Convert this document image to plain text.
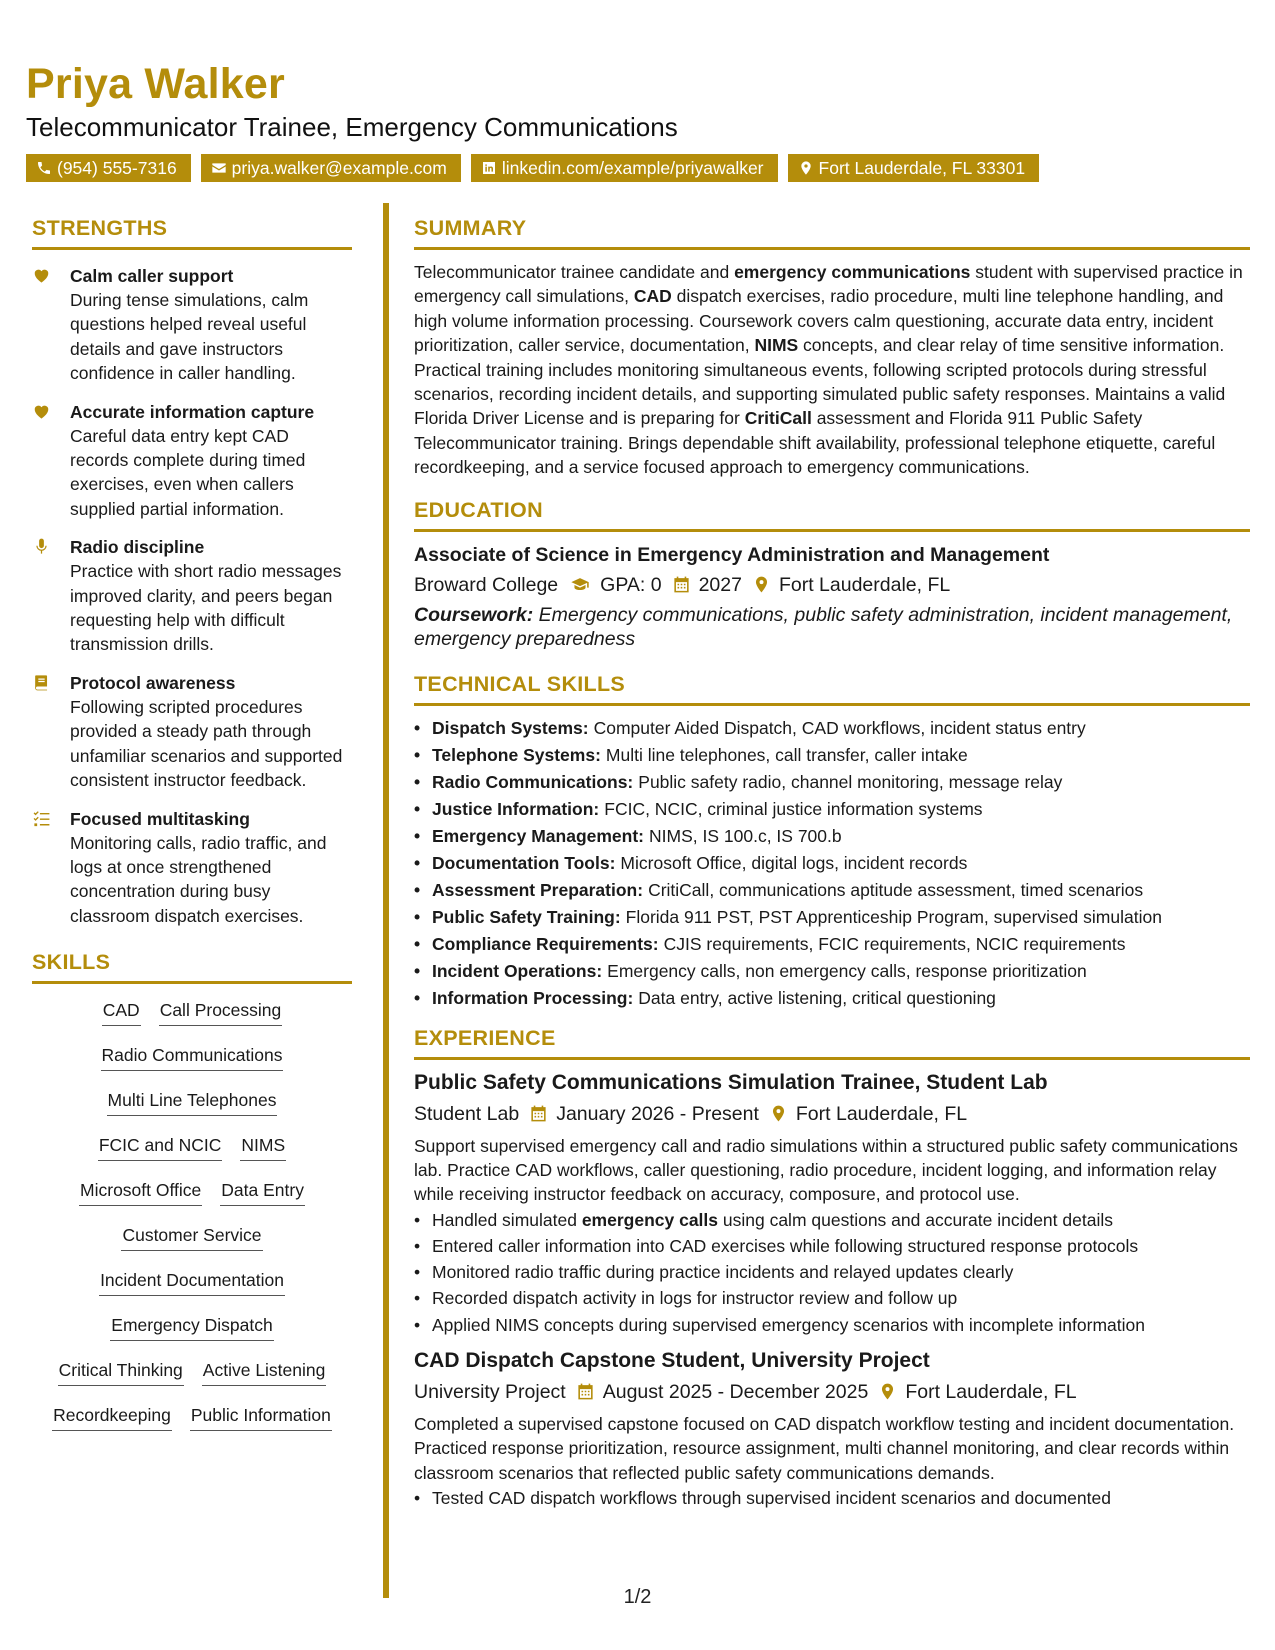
Priya Walker
Telecommunicator Trainee, Emergency Communications
(954) 555-7316	priya.walker@example.com	linkedin.com/example/priyawalker	Fort Lauderdale, FL 33301
STRENGTHS
Calm caller support
During tense simulations, calm questions helped reveal useful details and gave instructors confidence in caller handling.
Accurate information capture
Careful data entry kept CAD records complete during timed exercises, even when callers supplied partial information.
Radio discipline
Practice with short radio messages improved clarity, and peers began requesting help with difficult transmission drills.
Protocol awareness
Following scripted procedures provided a steady path through unfamiliar scenarios and supported consistent instructor feedback.
Focused multitasking
Monitoring calls, radio traffic, and logs at once strengthened concentration during busy classroom dispatch exercises.
SKILLS
CAD Call Processing
Radio Communications
Multi Line Telephones
FCIC and NCIC NIMS
Microsoft Office Data Entry
Customer Service
Incident Documentation
Emergency Dispatch
Critical Thinking Active Listening
Recordkeeping Public Information
SUMMARY
Telecommunicator trainee candidate and emergency communications student with supervised practice in emergency call simulations, CAD dispatch exercises, radio procedure, multi line telephone handling, and high volume information processing. Coursework covers calm questioning, accurate data entry, incident prioritization, caller service, documentation, NIMS concepts, and clear relay of time sensitive information. Practical training includes monitoring simultaneous events, following scripted protocols during stressful scenarios, recording incident details, and supporting simulated public safety responses. Maintains a valid Florida Driver License and is preparing for CritiCall assessment and Florida 911 Public Safety Telecommunicator training. Brings dependable shift availability, professional telephone etiquette, careful recordkeeping, and a service focused approach to emergency communications.
EDUCATION
Associate of Science in Emergency Administration and Management
Broward College GPA: 0 2027 Fort Lauderdale, FL
Coursework: Emergency communications, public safety administration, incident management, emergency preparedness
TECHNICAL SKILLS
• Dispatch Systems: Computer Aided Dispatch, CAD workflows, incident status entry
• Telephone Systems: Multi line telephones, call transfer, caller intake
• Radio Communications: Public safety radio, channel monitoring, message relay
• Justice Information: FCIC, NCIC, criminal justice information systems
• Emergency Management: NIMS, IS 100.c, IS 700.b
• Documentation Tools: Microsoft Office, digital logs, incident records
• Assessment Preparation: CritiCall, communications aptitude assessment, timed scenarios
• Public Safety Training: Florida 911 PST, PST Apprenticeship Program, supervised simulation
• Compliance Requirements: CJIS requirements, FCIC requirements, NCIC requirements
• Incident Operations: Emergency calls, non emergency calls, response prioritization
• Information Processing: Data entry, active listening, critical questioning
EXPERIENCE
Public Safety Communications Simulation Trainee, Student Lab
Student Lab January 2026 - Present Fort Lauderdale, FL
Support supervised emergency call and radio simulations within a structured public safety communications lab. Practice CAD workflows, caller questioning, radio procedure, incident logging, and information relay while receiving instructor feedback on accuracy, composure, and protocol use.
• Handled simulated emergency calls using calm questions and accurate incident details
• Entered caller information into CAD exercises while following structured response protocols
• Monitored radio traffic during practice incidents and relayed updates clearly
• Recorded dispatch activity in logs for instructor review and follow up
• Applied NIMS concepts during supervised emergency scenarios with incomplete information
CAD Dispatch Capstone Student, University Project
University Project August 2025 - December 2025 Fort Lauderdale, FL
Completed a supervised capstone focused on CAD dispatch workflow testing and incident documentation. Practiced response prioritization, resource assignment, multi channel monitoring, and clear records within classroom scenarios that reflected public safety communications demands.
• Tested CAD dispatch workflows through supervised incident scenarios and documented
1/2
